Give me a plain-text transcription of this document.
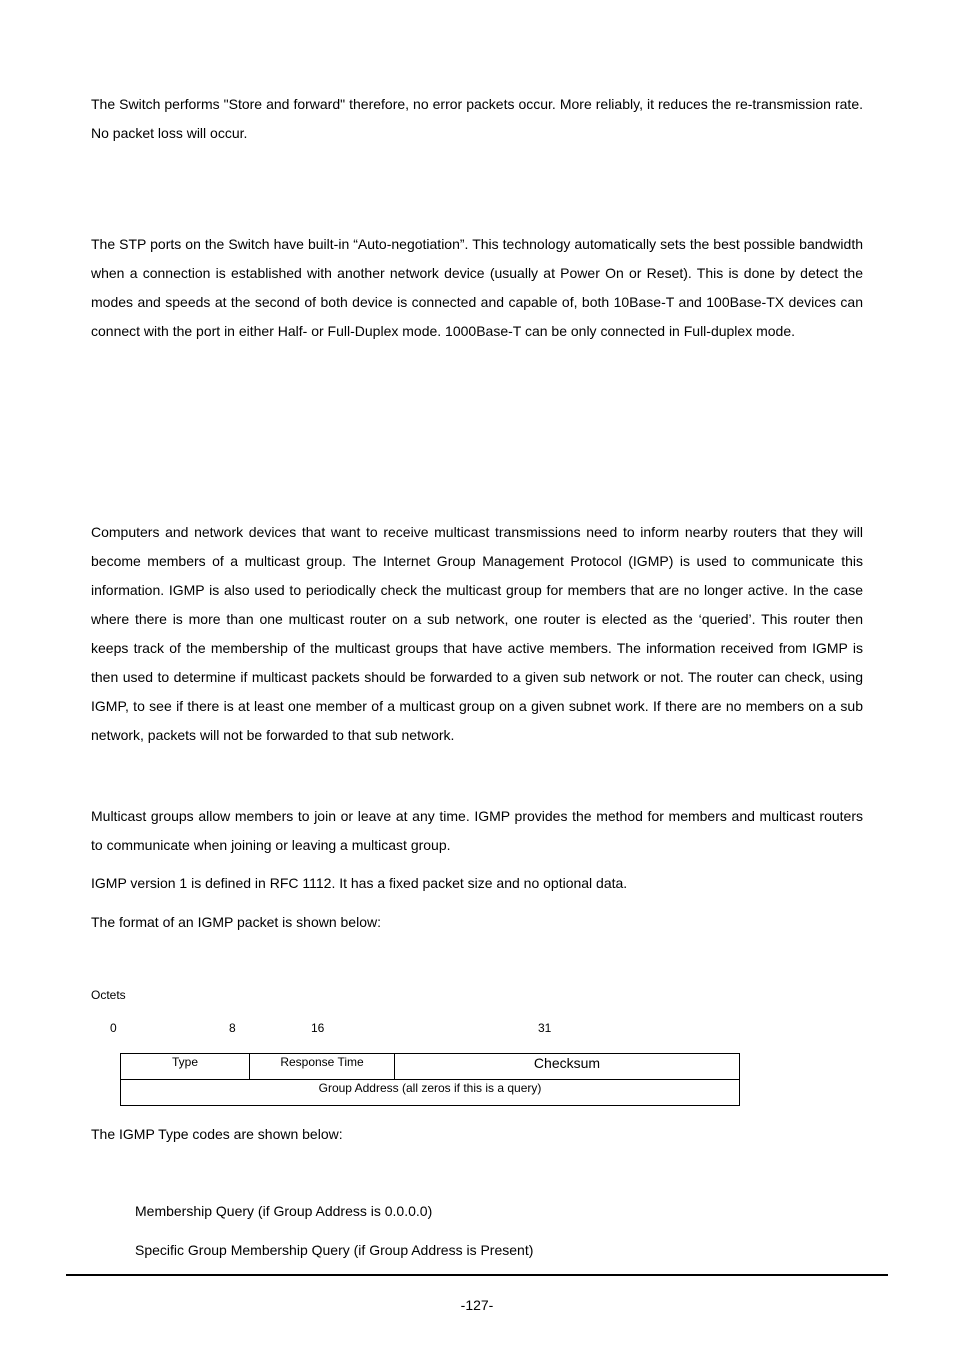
The Switch performs "Store and forward" therefore, no error packets occur. More reliably, it reduces the re-transmission rate. No packet loss will occur.

The STP ports on the Switch have built-in “Auto-negotiation”. This technology automatically sets the best possible bandwidth when a connection is established with another network device (usually at Power On or Reset). This is done by detect the modes and speeds at the second of both device is connected and capable of, both 10Base-T and 100Base-TX devices can connect with the port in either Half- or Full-Duplex mode. 1000Base-T can be only connected in Full-duplex mode.

Computers and network devices that want to receive multicast transmissions need to inform nearby routers that they will become members of a multicast group. The Internet Group Management Protocol (IGMP) is used to communicate this information. IGMP is also used to periodically check the multicast group for members that are no longer active. In the case where there is more than one multicast router on a sub network, one router is elected as the ‘queried’. This router then keeps track of the membership of the multicast groups that have active members. The information received from IGMP is then used to determine if multicast packets should be forwarded to a given sub network or not. The router can check, using IGMP, to see if there is at least one member of a multicast group on a given subnet work. If there are no members on a sub network, packets will not be forwarded to that sub network.

Multicast groups allow members to join or leave at any time. IGMP provides the method for members and multicast routers to communicate when joining or leaving a multicast group.

IGMP version 1 is defined in RFC 1112. It has a fixed packet size and no optional data.

The format of an IGMP packet is shown below:

Octets
0	8	16	31
Type	Response Time	Checksum
Group Address (all zeros if this is a query)

The IGMP Type codes are shown below:

Membership Query (if Group Address is 0.0.0.0)
Specific Group Membership Query (if Group Address is Present)
-127-
